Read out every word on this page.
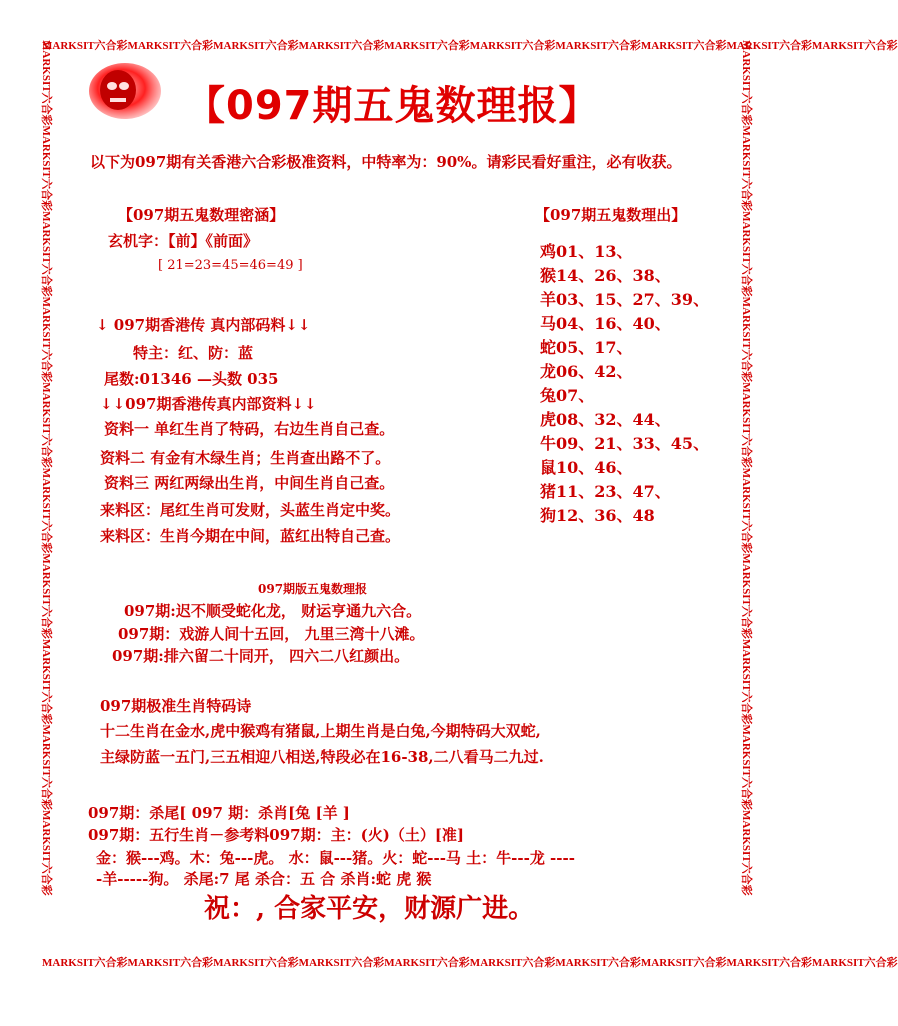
MARKSIT六合彩MARKSIT六合彩MARKSIT六合彩MARKSIT六合彩MARKSIT六合彩MARKSIT六合彩MARKSIT六合彩MARKSIT六合彩MARKSIT六合彩MARKSIT六合彩
MARKSIT六合彩MARKSIT六合彩MARKSIT六合彩MARKSIT六合彩MARKSIT六合彩MARKSIT六合彩MARKSIT六合彩MARKSIT六合彩MARKSIT六合彩MARKSIT六合彩
MARKSIT六合彩MARKSIT六合彩MARKSIT六合彩MARKSIT六合彩MARKSIT六合彩MARKSIT六合彩MARKSIT六合彩MARKSIT六合彩MARKSIT六合彩MARKSIT六合彩	MARKSIT六合彩MARKSIT六合彩MARKSIT六合彩MARKSIT六合彩MARKSIT六合彩MARKSIT六合彩MARKSIT六合彩MARKSIT六合彩MARKSIT六合彩MARKSIT六合彩
【097期五鬼数理报】
以下为097期有关香港六合彩极准资料，中特率为：90%。请彩民看好重注，必有收获。
【097期五鬼数理密涵】
玄机字：【前】《前面》
[ 21=23=45=46=49 ]
【097期五鬼数理出】
鸡01、13、
猴14、26、38、
羊03、15、27、39、
马04、16、40、
蛇05、17、
龙06、42、
兔07、
虎08、32、44、
牛09、21、33、45、
鼠10、46、
猪11、23、47、
狗12、36、48
↓ 097期香港传 真内部码料↓↓
特主：红、防：蓝
尾数:01346 —头数 035
↓↓097期香港传真内部资料↓↓
资料一 单红生肖了特码，右边生肖自己查。
资料二 有金有木绿生肖；生肖查出路不了。
资料三 两红两绿出生肖，中间生肖自己查。
来料区：尾红生肖可发财，头蓝生肖定中奖。
来料区：生肖今期在中间，蓝红出特自己查。
097期版五鬼数理报
097期:迟不顺受蛇化龙， 财运亨通九六合。
097期：戏游人间十五回， 九里三湾十八滩。
097期:排六留二十同开， 四六二八红颜出。
097期极准生肖特码诗
十二生肖在金水,虎中猴鸡有猪鼠,上期生肖是白兔,今期特码大双蛇,
主绿防蓝一五门,三五相迎八相送,特段必在16-38,二八看马二九过.
097期：杀尾[ 097 期：杀肖[兔 [羊 ]
097期：五行生肖－参考料097期：主：(火)（土）[准]
金：猴---鸡。木：兔---虎。 水：鼠---猪。火：蛇---马 土：牛---龙 ----
-羊-----狗。 杀尾:7 尾 杀合：五 合 杀肖:蛇 虎 猴
祝：, 合家平安，财源广进。
